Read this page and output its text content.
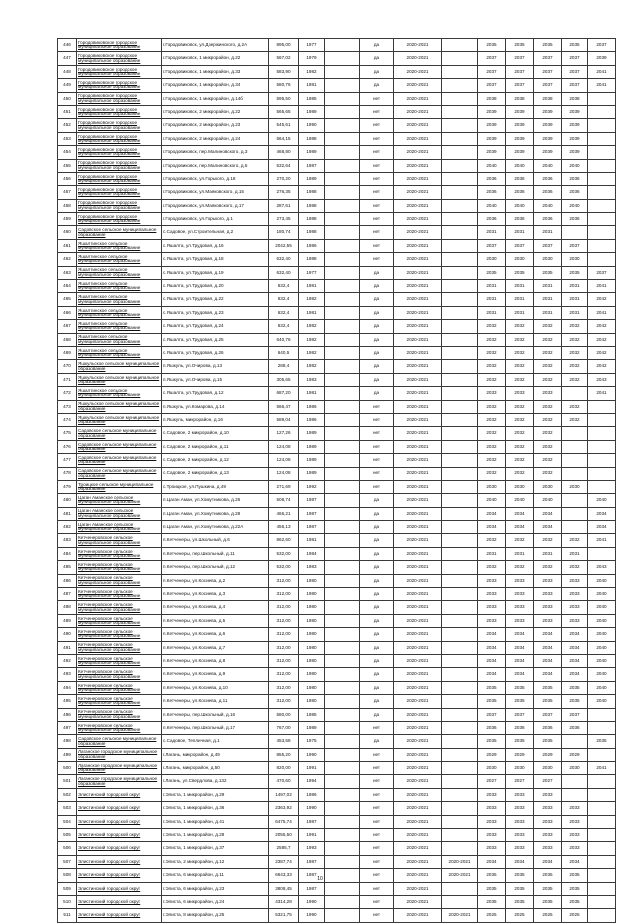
446	Городовиковское городское муниципальное образование	г.Городовиковск, ул.Дзержинского, д.2А	895,00	1977		да	2020-2021		2035	2035	2035	2035	2037
447	Городовиковское городское муниципальное образование	г.Городовиковск, 1 микрорайон, д.22	567,02	1979		да	2020-2021		2037	2037	2037	2037	2039
448	Городовиковское городское муниципальное образование	г.Городовиковск, 1 микрорайон, д.33	583,90	1982		да	2020-2021		2037	2037	2037	2037	2041
449	Городовиковское городское муниципальное образование	г.Городовиковск, 1 микрорайон, д.34	580,76	1981		да	2020-2021		2037	2037	2037	2037	2041
450	Городовиковское городское муниципальное образование	г.Городовиковск, 1 микрорайон, д.14б	595,50	1985		нет	2020-2021		2038	2038	2038	2038	
451	Городовиковское городское муниципальное образование	г.Городовиковск, 2 микрорайон, д.22	565,65	1989		нет	2020-2021		2039	2039	2039	2039	
452	Городовиковское городское муниципальное образование	г.Городовиковск, 2 микрорайон, д.23	545,61	1990		нет	2020-2021		2039	2039	2039	2039	
453	Городовиковское городское муниципальное образование	г.Городовиковск, 2 микрорайон, д.24	564,15	1988		нет	2020-2021		2039	2039	2039	2039	
454	Городовиковское городское муниципальное образование	г.Городовиковск, пер.Малиновского, д.3	468,80	1989		нет	2020-2021		2039	2039	2039	2039	
455	Городовиковское городское муниципальное образование	г.Городовиковск, пер.Малиновского, д.5	532,64	1987		нет	2020-2021		2040	2040	2040	2040	
456	Городовиковское городское муниципальное образование	г.Городовиковск, ул.Горького, д.18	270,20	1989		нет	2020-2021		2036	2036	2036	2036	
457	Городовиковское городское муниципальное образование	г.Городовиковск, ул.Маяковского, д.15	276,35	1988		нет	2020-2021		2036	2036	2036	2036	
458	Городовиковское городское муниципальное образование	г.Городовиковск, ул.Маяковского, д.17	287,61	1988		нет	2020-2021		2040	2040	2040	2040	
459	Городовиковское городское муниципальное образование	г.Городовиковск, ул.Горького, д.1	273,45	1988		нет	2020-2021		2036	2036	2036	2036	
460	Садовское сельское муниципальное образование	с.Садовое, ул.Строительная, д.2	180,74	1988		нет	2020-2021		2031	2031	2031		
461	Яшалтинское сельское муниципальное образование	с.Яшалта, ул.Трудовая, д.16	2042,55	1986		нет	2020-2021		2037	2037	2037	2037	
462	Яшалтинское сельское муниципальное образование	с.Яшалта, ул.Трудовая, д.18	632,40	1988		нет	2020-2021		2030	2030	2030	2030	
463	Яшалтинское сельское муниципальное образование	с.Яшалта, ул.Трудовая, д.19	632,40	1977		да	2020-2021		2035	2035	2035	2035	2037
464	Яшалтинское сельское муниципальное образование	с.Яшалта, ул.Трудовая, д.20	632,4	1981		да	2020-2021		2031	2031	2031	2031	2041
465	Яшалтинское сельское муниципальное образование	с.Яшалта, ул.Трудовая, д.22	632,4	1982		да	2020-2021		2031	2031	2031	2031	2042
466	Яшалтинское сельское муниципальное образование	с.Яшалта, ул.Трудовая, д.23	632,4	1981		да	2020-2021		2031	2031	2031	2031	2041
467	Яшалтинское сельское муниципальное образование	с.Яшалта, ул.Трудовая, д.24	632,4	1982		да	2020-2021		2032	2032	2032	2032	2042
468	Яшалтинское сельское муниципальное образование	с.Яшалта, ул.Трудовая, д.25	640,76	1982		да	2020-2021		2032	2032	2032	2032	2042
469	Яшалтинское сельское муниципальное образование	с.Яшалта, ул.Трудовая, д.26	640,5	1982		да	2020-2021		2032	2032	2032	2032	2042
470	Яшкульское сельское муниципальное образование	п.Яшкуль, ул.Очирова, д.13	288,4	1982		да	2020-2021		2032	2032	2032	2032	2042
471	Яшкульское сельское муниципальное образование	п.Яшкуль, ул.Очирова, д.15	305,65	1983		да	2020-2021		2032	2032	2032	2032	2043
472	Яшалтинское сельское муниципальное образование	с.Яшалта, ул.Трудовая, д.12	687,20	1981		да	2020-2021		2033	2033	2033		2041
473	Яшкульское сельское муниципальное образование	п.Яшкуль, ул.Комарова, д.14	566,47	1986		нет	2020-2021		2032	2032	2032	2032	
474	Яшкульское сельское муниципальное образование	п.Яшкуль, микрорайон, д.16	589,04	1986		нет	2020-2021		2032	2032	2032	2032	
475	Садовское сельское муниципальное образование	с.Садовое, 2 микрорайон, д.10	127,26	1989		нет	2020-2021		2032	2032	2032		
476	Садовское сельское муниципальное образование	с.Садовое, 2 микрорайон, д.11	124,08	1989		нет	2020-2021		2032	2032	2032		
477	Садовское сельское муниципальное образование	с.Садовое, 2 микрорайон, д.12	124,08	1989		нет	2020-2021		2032	2032	2032		
478	Садовское сельское муниципальное образование	с.Садовое, 2 микрорайон, д.13	124,08	1989		нет	2020-2021		2032	2032	2032		
479	Троицкое сельское муниципальное образование	с.Троицкое, ул.Пушкина, д.49	271,69	1992		нет	2020-2021		2030	2030	2030	2030	
480	Цаган Аманское сельское муниципальное образование	п.Цаган Аман, ул.Хомутникова, д.26	508,74	1987		да	2020-2021		2040	2040	2040		2040
481	Цаган Аманское сельское муниципальное образование	п.Цаган Аман, ул.Хомутникова, д.28	466,21	1987		да	2020-2021		2034	2034	2034		2034
482	Цаган Аманское сельское муниципальное образование	п.Цаган Аман, ул.Хомутникова, д.22А	456,13	1987		да	2020-2021		2034	2034	2034		2034
483	Кетченеровское сельское муниципальное образование	п.Кетченеры, ул.Школьный, д.6	862,60	1981		да	2020-2021		2032	2032	2032	2032	2041
484	Кетченеровское сельское муниципальное образование	п.Кетченеры, пер.Школьный, д.11	532,00	1984		да	2020-2021		2031	2031	2031	2031	
485	Кетченеровское сельское муниципальное образование	п.Кетченеры, пер.Школьный, д.12	532,00	1983		да	2020-2021		2032	2032	2032	2032	2043
486	Кетченеровское сельское муниципальное образование	п.Кетченеры, ул.Косиева, д.2	312,00	1980		да	2020-2021		2033	2033	2033	2033	2040
487	Кетченеровское сельское муниципальное образование	п.Кетченеры, ул.Косиева, д.3	312,00	1980		да	2020-2021		2033	2033	2033	2033	2040
488	Кетченеровское сельское муниципальное образование	п.Кетченеры, ул.Косиева, д.4	312,00	1980		да	2020-2021		2033	2033	2033	2033	2040
489	Кетченеровское сельское муниципальное образование	п.Кетченеры, ул.Косиева, д.5	312,00	1980		да	2020-2021		2033	2033	2033	2033	2040
490	Кетченеровское сельское муниципальное образование	п.Кетченеры, ул.Косиева, д.6	312,00	1980		да	2020-2021		2034	2034	2034	2034	2040
491	Кетченеровское сельское муниципальное образование	п.Кетченеры, ул.Косиева, д.7	312,00	1980		да	2020-2021		2034	2034	2034	2034	2040
492	Кетченеровское сельское муниципальное образование	п.Кетченеры, ул.Косиева, д.8	312,00	1980		да	2020-2021		2034	2034	2034	2034	2040
493	Кетченеровское сельское муниципальное образование	п.Кетченеры, ул.Косиева, д.9	312,00	1980		да	2020-2021		2034	2034	2034	2034	2040
494	Кетченеровское сельское муниципальное образование	п.Кетченеры, ул.Косиева, д.10	312,00	1980		да	2020-2021		2035	2035	2035	2035	2040
495	Кетченеровское сельское муниципальное образование	п.Кетченеры, ул.Косиева, д.11	312,00	1980		да	2020-2021		2035	2035	2035	2035	2040
496	Кетченеровское сельское муниципальное образование	п.Кетченеры, пер.Школьный, д.16	580,00	1985		да	2020-2021		2037	2037	2037	2037	
497	Кетченеровское сельское муниципальное образование	п.Кетченеры, пер.Школьный, д.17	767,00	1989		нет	2020-2021		2036	2036	2036	2036	
498	Садовское сельское муниципальное образование	с.Садовое, Тепличная, д.1	453,58	1975		да	2020-2021		2035	2035	2035		2035
499	Лаганское городское муниципальное образование	г.Лагань, микрорайон, д.49	855,20	1990		нет	2020-2021		2029	2029	2029	2029	
500	Лаганское городское муниципальное образование	г.Лагань, микрорайон, д.50	820,00	1991		нет	2020-2021		2030	2030	2030	2030	2041
501	Лаганское городское муниципальное образование	г.Лагань, ул.Свердлова, д.132	470,60	1994		нет	2020-2021		2027	2027	2027		
502	Элистинский городской округ	г.Элиста, 1 микрорайон, д.29	1497,02	1986		нет	2020-2021		2033	2033	2033		
503	Элистинский городской округ	г.Элиста, 1 микрорайон, д.36	2363,92	1990		нет	2020-2021		2033	2033	2033	2033	
504	Элистинский городской округ	г.Элиста, 1 микрорайон, д.41	6475,74	1987		нет	2020-2021		2033	2033	2033	2033	
505	Элистинский городской округ	г.Элиста, 1 микрорайон, д.28	2055,50	1991		нет	2020-2021		2033	2033	2033	2033	
506	Элистинский городской округ	г.Элиста, 1 микрорайон, д.37	2585,7	1993		нет	2020-2021		2033	2033	2033	2033	
507	Элистинский городской округ	г.Элиста, 2 микрорайон, д.12	2387,74	1987		нет	2020-2021	2020-2021	2034	2034	2034	2034	
508	Элистинский городской округ	г.Элиста, 6 микрорайон, д.11	6643,33	1987		нет	2020-2021	2020-2021	2035	2035	2035	2035	
509	Элистинский городской округ	г.Элиста, 6 микрорайон, д.23	3808,45	1987		нет	2020-2021		2035	2035	2035	2035	
510	Элистинский городской округ	г.Элиста, 6 микрорайон, д.24	4314,28	1990		нет	2020-2021		2035	2035	2035	2035	
511	Элистинский городской округ	г.Элиста, 8 микрорайон, д.25	5321,75	1990		нет	2020-2021	2020-2021	2025	2025	2025	2025	
10
